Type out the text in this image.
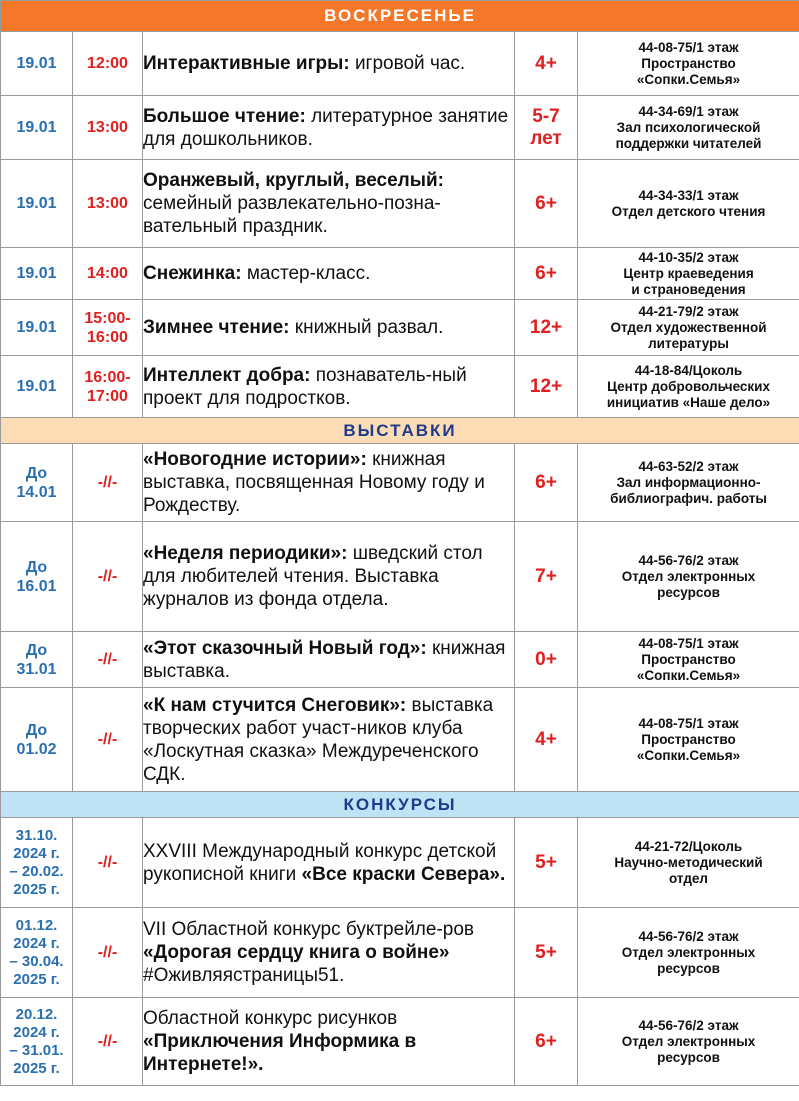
ВОСКРЕСЕНЬЕ				
19.01	12:00	Интерактивные игры: игровой час.	4+	44-08-75/1 этаж
Пространство
«Сопки.Семья»

19.01	13:00	Большое чтение: литературное занятие для дошкольников.	5-7
лет	44-34-69/1 этаж
Зал психологической
поддержки читателей

19.01	13:00	Оранжевый, круглый, веселый: семейный развлекательно-позна-вательный праздник.	6+	44-34-33/1 этаж
Отдел детского чтения

19.01	14:00	Снежинка: мастер-класс.	6+	44-10-35/2 этаж
Центр краеведения
и страноведения

19.01	15:00-
16:00	Зимнее чтение: книжный развал.	12+	44-21-79/2 этаж
Отдел художественной
литературы

19.01	16:00-
17:00	Интеллект добра: познаватель-ный проект для подростков.	12+	44-18-84/Цоколь
Центр добровольческих
инициатив «Наше дело»

ВЫСТАВКИ				

До
14.01	-//-	«Новогодние истории»: книжная выставка, посвященная Новому году и Рождеству.	6+	44-63-52/2 этаж
Зал информационно-
библиографич. работы

До
16.01	-//-	«Неделя периодики»: шведский стол для любителей чтения. Выставка журналов из фонда отдела.	7+	44-56-76/2 этаж
Отдел электронных
ресурсов

До
31.01	-//-	«Этот сказочный Новый год»: книжная выставка.	0+	44-08-75/1 этаж
Пространство
«Сопки.Семья»

До
01.02	-//-	«К нам стучится Снеговик»: выставка творческих работ участ-ников клуба «Лоскутная сказка» Междуреченского СДК.	4+	44-08-75/1 этаж
Пространство
«Сопки.Семья»

КОНКУРСЫ				

31.10.
2024 г.
– 20.02.
2025 г.	-//-	XXVIII Международный конкурс детской рукописной книги «Все краски Севера».	5+	44-21-72/Цоколь
Научно-методический
отдел

01.12.
2024 г.
– 30.04.
2025 г.	-//-	VII Областной конкурс буктрейле-ров «Дорогая сердцу книга о войне» #Оживляястраницы51.	5+	44-56-76/2 этаж
Отдел электронных
ресурсов

20.12.
2024 г.
– 31.01.
2025 г.	-//-	Областной конкурс рисунков «Приключения Информика в Интернете!».	6+	44-56-76/2 этаж
Отдел электронных
ресурсов
